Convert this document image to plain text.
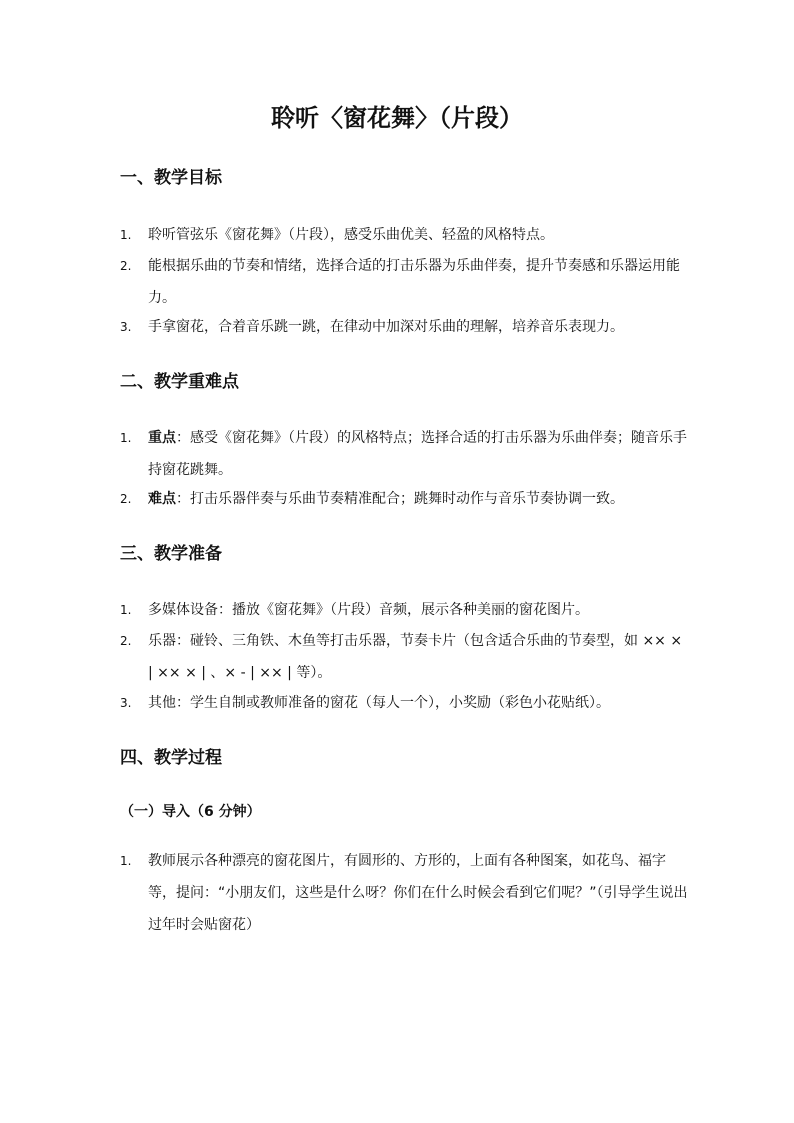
聆听〈窗花舞〉（片段）
一、教学目标
1.	聆听管弦乐《窗花舞》（片段），感受乐曲优美、轻盈的风格特点。
2.	能根据乐曲的节奏和情绪，选择合适的打击乐器为乐曲伴奏，提升节奏感和乐器运用能力。
3.	手拿窗花，合着音乐跳一跳，在律动中加深对乐曲的理解，培养音乐表现力。
二、教学重难点
1.	重点：感受《窗花舞》（片段）的风格特点；选择合适的打击乐器为乐曲伴奏；随音乐手持窗花跳舞。
2.	难点：打击乐器伴奏与乐曲节奏精准配合；跳舞时动作与音乐节奏协调一致。
三、教学准备
1.	多媒体设备：播放《窗花舞》（片段）音频，展示各种美丽的窗花图片。
2.	乐器：碰铃、三角铁、木鱼等打击乐器，节奏卡片（包含适合乐曲的节奏型，如 ×× × | ×× × | 、× - | ×× | 等）。
3.	其他：学生自制或教师准备的窗花（每人一个），小奖励（彩色小花贴纸）。
四、教学过程
（一）导入（6 分钟）
1.	教师展示各种漂亮的窗花图片，有圆形的、方形的，上面有各种图案，如花鸟、福字等，提问：“小朋友们，这些是什么呀？你们在什么时候会看到它们呢？”（引导学生说出过年时会贴窗花）
